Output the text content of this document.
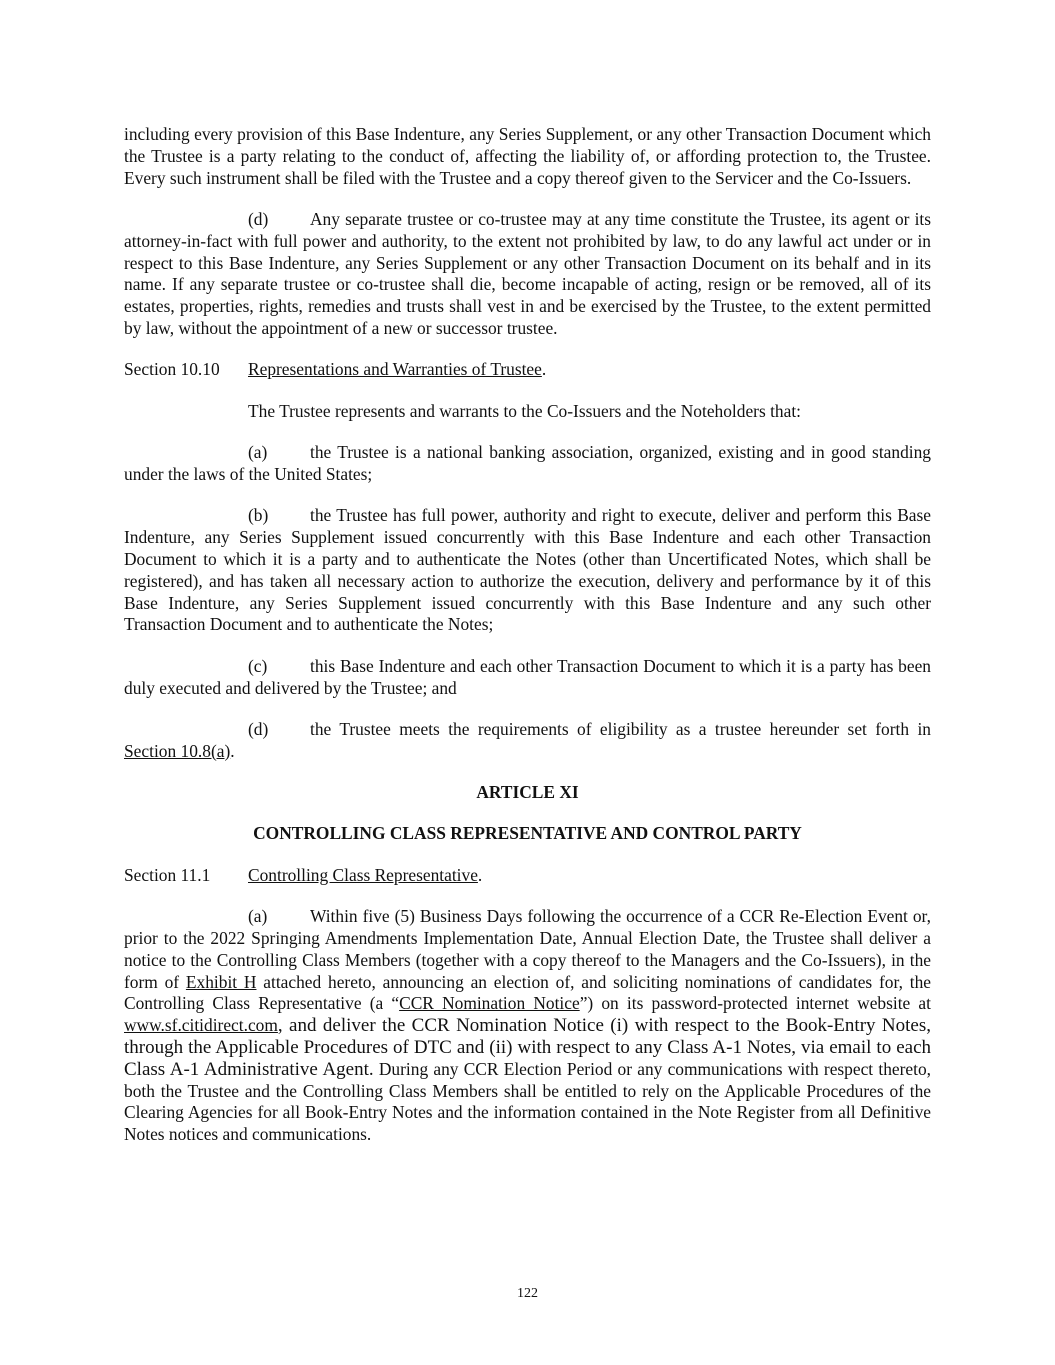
including every provision of this Base Indenture, any Series Supplement, or any other Transaction Document which the Trustee is a party relating to the conduct of, affecting the liability of, or affording protection to, the Trustee. Every such instrument shall be filed with the Trustee and a copy thereof given to the Servicer and the Co-Issuers.

(d) Any separate trustee or co-trustee may at any time constitute the Trustee, its agent or its attorney-in-fact with full power and authority, to the extent not prohibited by law, to do any lawful act under or in respect to this Base Indenture, any Series Supplement or any other Transaction Document on its behalf and in its name. If any separate trustee or co-trustee shall die, become incapable of acting, resign or be removed, all of its estates, properties, rights, remedies and trusts shall vest in and be exercised by the Trustee, to the extent permitted by law, without the appointment of a new or successor trustee.

Section 10.10 Representations and Warranties of Trustee.

The Trustee represents and warrants to the Co-Issuers and the Noteholders that:

(a) the Trustee is a national banking association, organized, existing and in good standing under the laws of the United States;

(b) the Trustee has full power, authority and right to execute, deliver and perform this Base Indenture, any Series Supplement issued concurrently with this Base Indenture and each other Transaction Document to which it is a party and to authenticate the Notes (other than Uncertificated Notes, which shall be registered), and has taken all necessary action to authorize the execution, delivery and performance by it of this Base Indenture, any Series Supplement issued concurrently with this Base Indenture and any such other Transaction Document and to authenticate the Notes;

(c) this Base Indenture and each other Transaction Document to which it is a party has been duly executed and delivered by the Trustee; and

(d) the Trustee meets the requirements of eligibility as a trustee hereunder set forth in Section 10.8(a).

ARTICLE XI

CONTROLLING CLASS REPRESENTATIVE AND CONTROL PARTY

Section 11.1 Controlling Class Representative.

(a) Within five (5) Business Days following the occurrence of a CCR Re-Election Event or, prior to the 2022 Springing Amendments Implementation Date, Annual Election Date, the Trustee shall deliver a notice to the Controlling Class Members (together with a copy thereof to the Managers and the Co-Issuers), in the form of Exhibit H attached hereto, announcing an election of, and soliciting nominations of candidates for, the Controlling Class Representative (a “CCR Nomination Notice”) on its password-protected internet website at www.sf.citidirect.com, and deliver the CCR Nomination Notice (i) with respect to the Book-Entry Notes, through the Applicable Procedures of DTC and (ii) with respect to any Class A-1 Notes, via email to each Class A-1 Administrative Agent. During any CCR Election Period or any communications with respect thereto, both the Trustee and the Controlling Class Members shall be entitled to rely on the Applicable Procedures of the Clearing Agencies for all Book-Entry Notes and the information contained in the Note Register from all Definitive Notes notices and communications.

122
